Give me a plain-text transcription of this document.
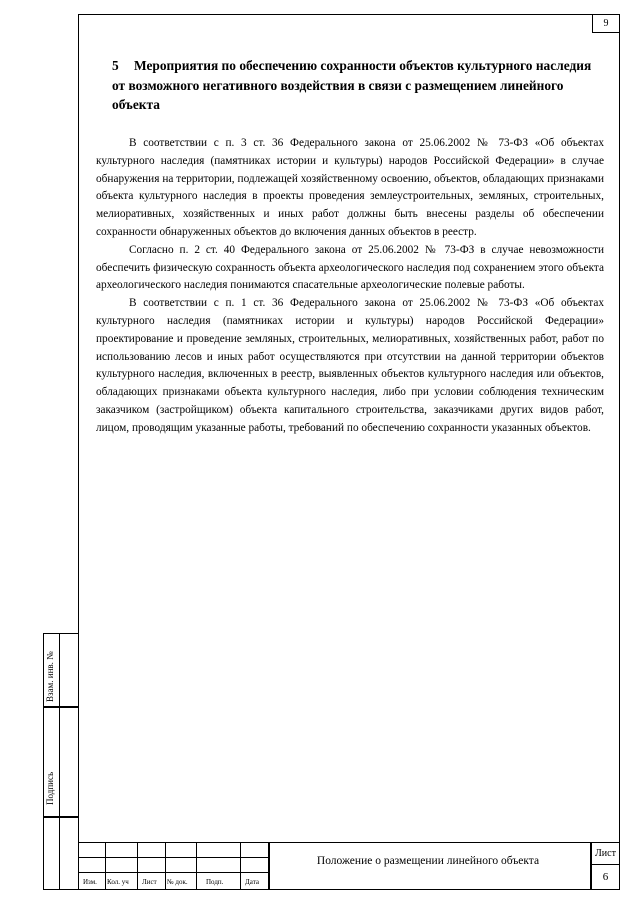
9
5 Мероприятия по обеспечению сохранности объектов культурного наследия от возможного негативного воздействия в связи с размещением линейного объекта

В соответствии с п. 3 ст. 36 Федерального закона от 25.06.2002 № 73-ФЗ «Об объектах культурного наследия (памятниках истории и культуры) народов Российской Федерации» в случае обнаружения на территории, подлежащей хозяйственному освоению, объектов, обладающих признаками объекта культурного наследия в проекты проведения землеустроительных, земляных, строительных, мелиоративных, хозяйственных и иных работ должны быть внесены разделы об обеспечении сохранности обнаруженных объектов до включения данных объектов в реестр.

Согласно п. 2 ст. 40 Федерального закона от 25.06.2002 № 73-ФЗ в случае невозможности обеспечить физическую сохранность объекта археологического наследия под сохранением этого объекта археологического наследия понимаются спасательные археологические полевые работы.

В соответствии с п. 1 ст. 36 Федерального закона от 25.06.2002 № 73-ФЗ «Об объектах культурного наследия (памятниках истории и культуры) народов Российской Федерации» проектирование и проведение земляных, строительных, мелиоративных, хозяйственных работ, работ по использованию лесов и иных работ осуществляются при отсутствии на данной территории объектов культурного наследия, включенных в реестр, выявленных объектов культурного наследия или объектов, обладающих признаками объекта культурного наследия, либо при условии соблюдения техническим заказчиком (застройщиком) объекта капитального строительства, заказчиками других видов работ, лицом, проводящим указанные работы, требований по обеспечению сохранности указанных объектов.

Взам. инв. №
Подпись
Изм. Кол. уч Лист № док.	Подп.	Дата
Положение о размещении линейного объекта
Лист
6
